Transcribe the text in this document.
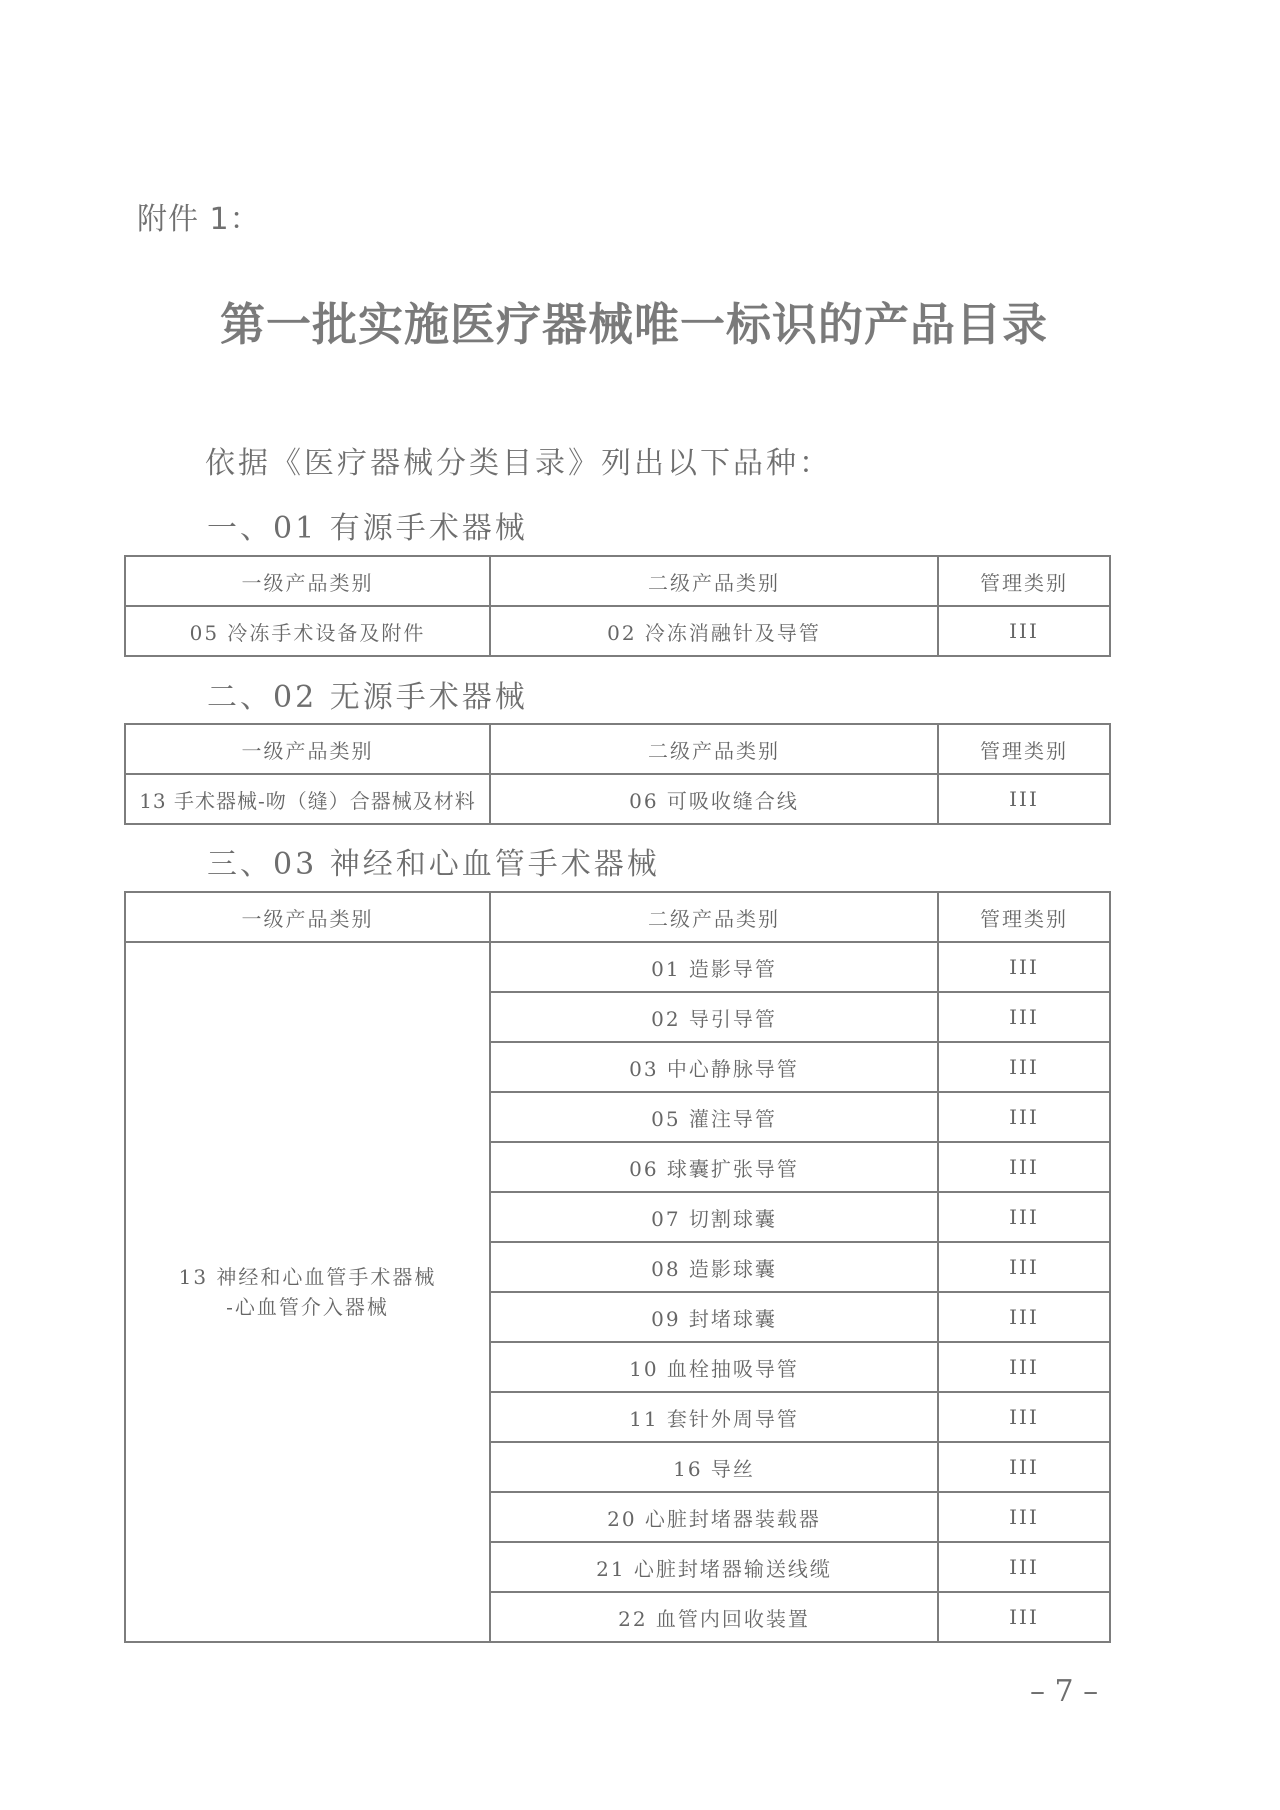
附件 1：
第一批实施医疗器械唯一标识的产品目录
依据《医疗器械分类目录》列出以下品种：
一、01 有源手术器械
一级产品类别	二级产品类别	管理类别
05 冷冻手术设备及附件	02 冷冻消融针及导管	III
二、02 无源手术器械
一级产品类别	二级产品类别	管理类别
13 手术器械-吻（缝）合器械及材料	06 可吸收缝合线	III
三、03 神经和心血管手术器械
一级产品类别	二级产品类别	管理类别

13 神经和心血管手术器械
-心血管介入器械	01 造影导管	III
	02 导引导管	III
	03 中心静脉导管	III
	05 灌注导管	III
	06 球囊扩张导管	III
	07 切割球囊	III
	08 造影球囊	III
	09 封堵球囊	III
	10 血栓抽吸导管	III
	11 套针外周导管	III
	16 导丝	III
	20 心脏封堵器装载器	III
	21 心脏封堵器输送线缆	III
	22 血管内回收装置	III
– 7 –
